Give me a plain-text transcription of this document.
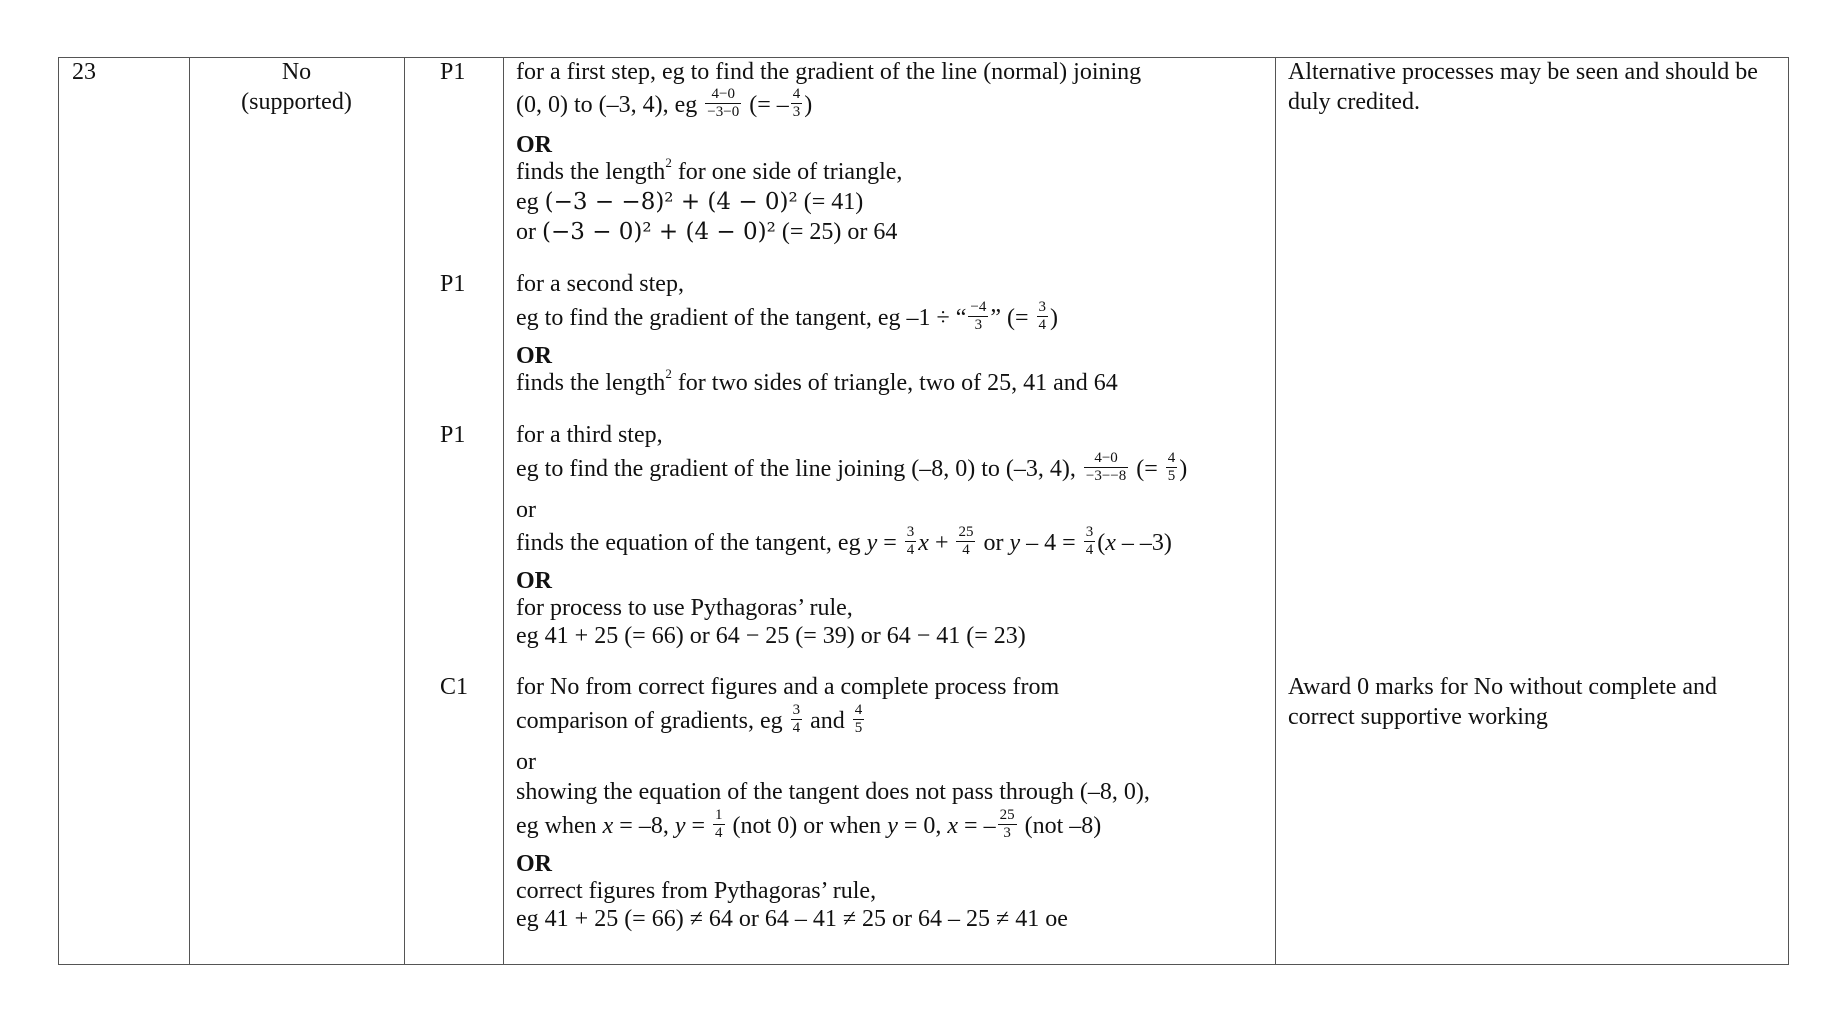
23	No
(supported)
P1
P1
P1
C1
for a first step, eg to find the gradient of the line (normal) joining
(0, 0) to (–3, 4), eg $\frac{4-0}{-3-0}$ (= – $\frac{4}{3}$ )
OR
finds the length$^2$ for one side of triangle,
eg (−3 − −8)² + (4 − 0)² (= 41)
or (−3 − 0)² + (4 − 0)² (= 25) or 64
for a second step,
eg to find the gradient of the tangent, eg –1 ÷ “ $\frac{-4}{3}$ ” (= $\frac{3}{4}$ )
OR
finds the length$^2$ for two sides of triangle, two of 25, 41 and 64
for a third step,
eg to find the gradient of the line joining (–8, 0) to (–3, 4), $\frac{4-0}{-3--8}$ (= $\frac{4}{5}$ )
or
finds the equation of the tangent, eg $y = \frac{3}{4}$ $x + \frac{25}{4}$ or $y - 4 = \frac{3}{4} (x - -3)$
OR
for process to use Pythagoras’ rule,
eg 41 + 25 (= 66) or 64 − 25 (= 39) or 64 − 41 (= 23)
for No from correct figures and a complete process from
comparison of gradients, eg $\frac{3}{4}$ and $\frac{4}{5}$
or
showing the equation of the tangent does not pass through (–8, 0),
eg when x = –8, $y = \frac{1}{4} (not$ 0) or when y = 0, x = – $\frac{25}{3} (not$ –8)
OR
correct figures from Pythagoras’ rule,
eg 41 + 25 (= 66) ≠ 64 or 64 – 41 ≠ 25 or 64 – 25 ≠ 41 oe
Alternative processes may be seen and should be duly credited.
Award 0 marks for No without complete and correct supportive working
